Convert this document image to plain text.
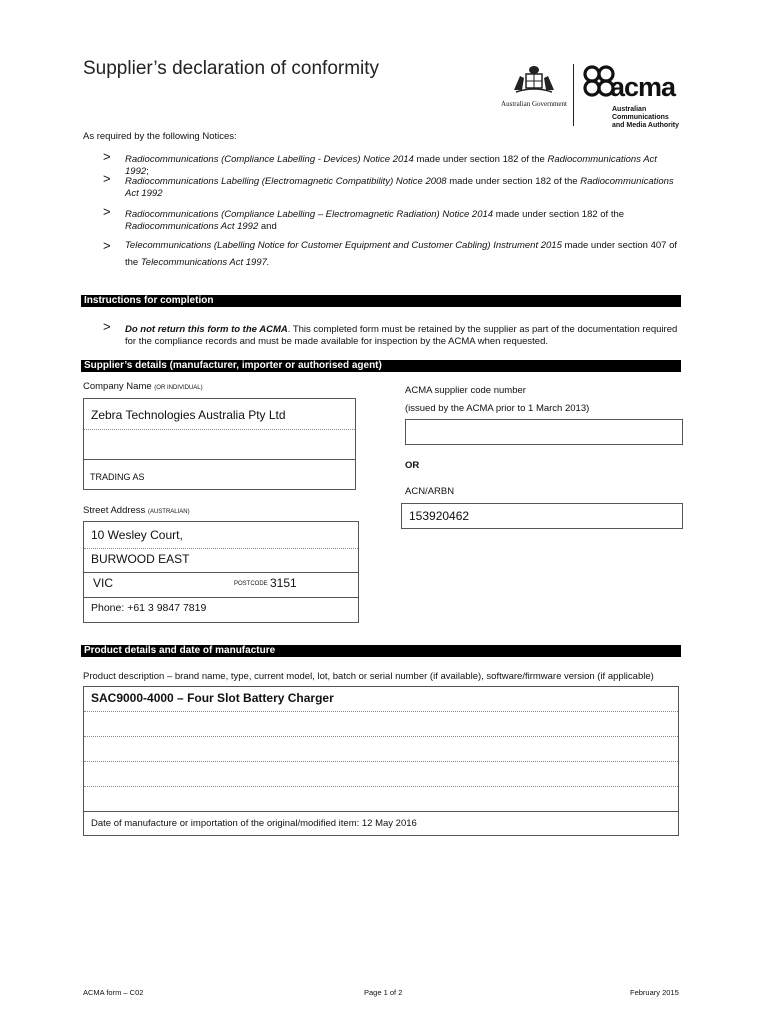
Supplier’s declaration of conformity
Australian Government
acma
Australian
Communications
and Media Authority
As required by the following Notices:
> Radiocommunications (Compliance Labelling - Devices) Notice 2014 made under section 182 of the Radiocommunications Act 1992;
> Radiocommunications Labelling (Electromagnetic Compatibility) Notice 2008 made under section 182 of the Radiocommunications Act 1992
> Radiocommunications (Compliance Labelling – Electromagnetic Radiation) Notice 2014 made under section 182 of the Radiocommunications Act 1992 and
> Telecommunications (Labelling Notice for Customer Equipment and Customer Cabling) Instrument 2015 made under section 407 of the Telecommunications Act 1997.
Instructions for completion
> Do not return this form to the ACMA. This completed form must be retained by the supplier as part of the documentation required for the compliance records and must be made available for inspection by the ACMA when requested.
Supplier’s details (manufacturer, importer or authorised agent)
Company Name (OR INDIVIDUAL)
Zebra Technologies Australia Pty Ltd
TRADING AS
Street Address (AUSTRALIAN)
10 Wesley Court,
BURWOOD EAST
VIC	POSTCODE 3151
Phone: +61 3 9847 7819
ACMA supplier code number
(issued by the ACMA prior to 1 March 2013)
OR
ACN/ARBN
153920462
Product details and date of manufacture
Product description – brand name, type, current model, lot, batch or serial number (if available), software/firmware version (if applicable)
SAC9000-4000 – Four Slot Battery Charger
Date of manufacture or importation of the original/modified item: 12 May 2016
ACMA form – C02	Page 1 of 2	February 2015
